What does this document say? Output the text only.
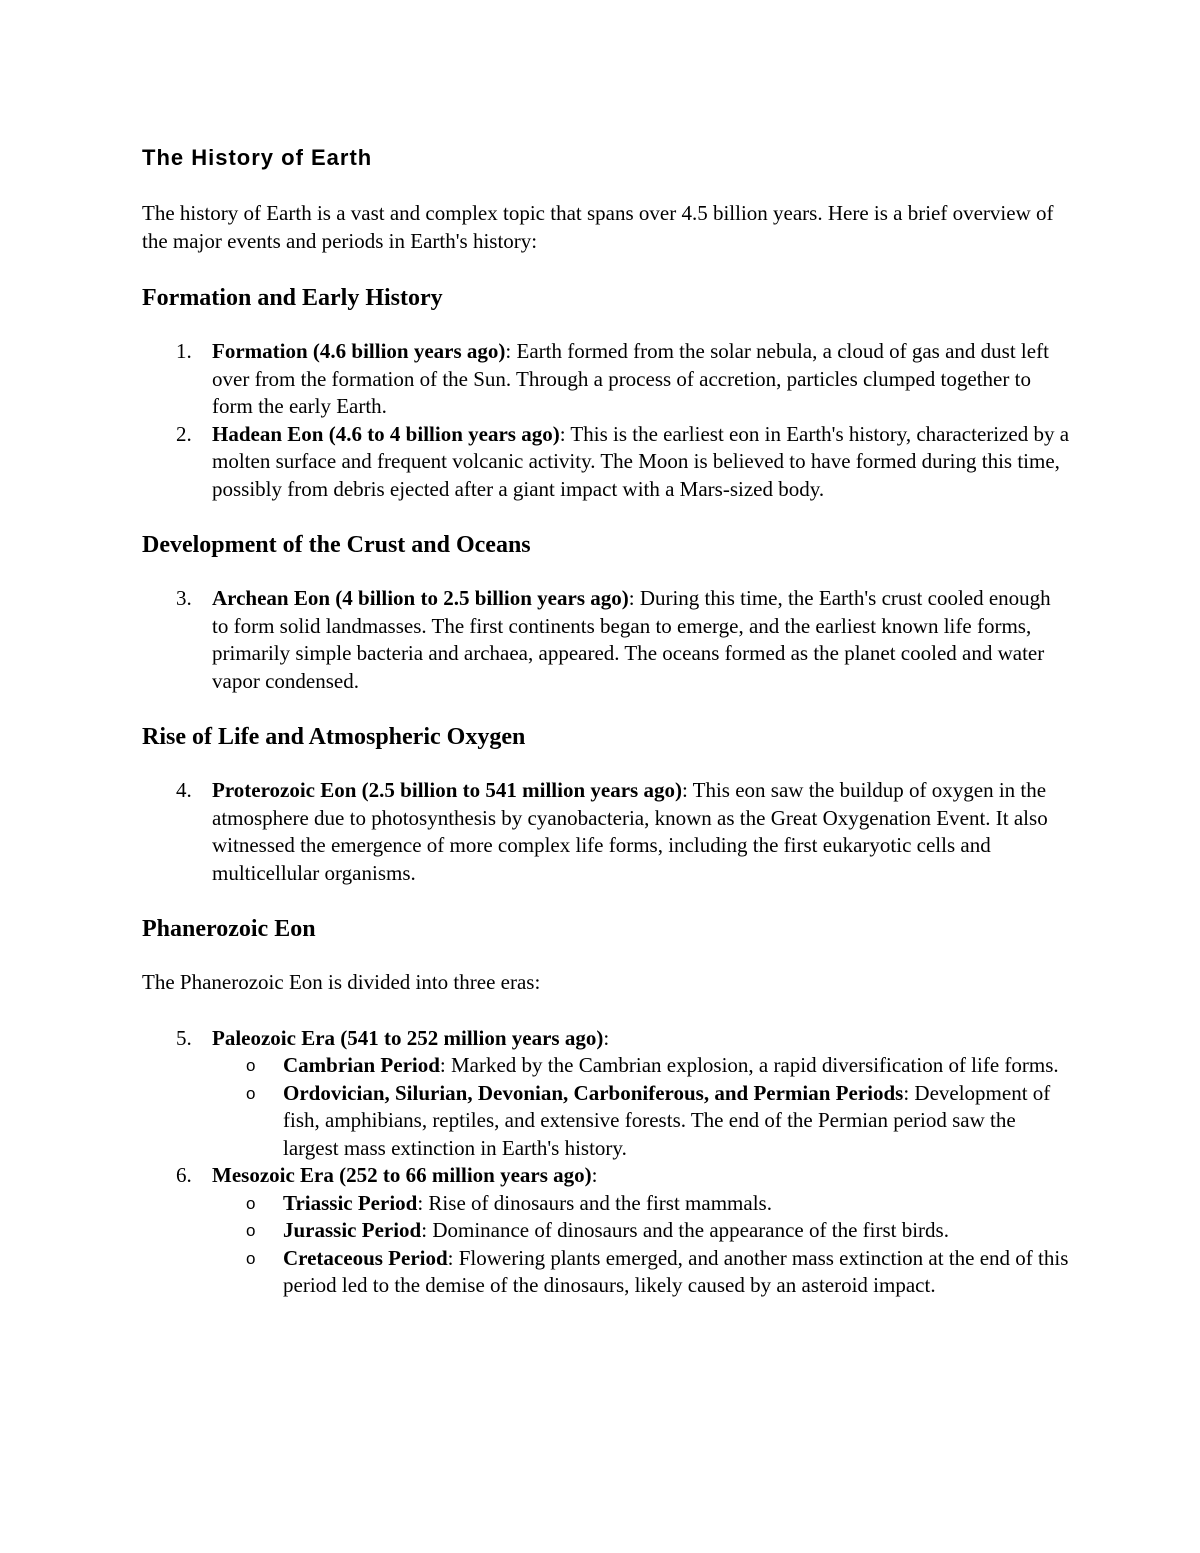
The History of Earth

The history of Earth is a vast and complex topic that spans over 4.5 billion years. Here is a brief overview of the major events and periods in Earth's history:

Formation and Early History
1. Formation (4.6 billion years ago): Earth formed from the solar nebula, a cloud of gas and dust left over from the formation of the Sun. Through a process of accretion, particles clumped together to form the early Earth.
2. Hadean Eon (4.6 to 4 billion years ago): This is the earliest eon in Earth's history, characterized by a molten surface and frequent volcanic activity. The Moon is believed to have formed during this time, possibly from debris ejected after a giant impact with a Mars-sized body.
Development of the Crust and Oceans
3. Archean Eon (4 billion to 2.5 billion years ago): During this time, the Earth's crust cooled enough to form solid landmasses. The first continents began to emerge, and the earliest known life forms, primarily simple bacteria and archaea, appeared. The oceans formed as the planet cooled and water vapor condensed.
Rise of Life and Atmospheric Oxygen
4. Proterozoic Eon (2.5 billion to 541 million years ago): This eon saw the buildup of oxygen in the atmosphere due to photosynthesis by cyanobacteria, known as the Great Oxygenation Event. It also witnessed the emergence of more complex life forms, including the first eukaryotic cells and multicellular organisms.
Phanerozoic Eon

The Phanerozoic Eon is divided into three eras:

5. Paleozoic Era (541 to 252 million years ago):
o Cambrian Period: Marked by the Cambrian explosion, a rapid diversification of life forms.
o Ordovician, Silurian, Devonian, Carboniferous, and Permian Periods: Development of fish, amphibians, reptiles, and extensive forests. The end of the Permian period saw the largest mass extinction in Earth's history.
6. Mesozoic Era (252 to 66 million years ago):
o Triassic Period: Rise of dinosaurs and the first mammals.
o Jurassic Period: Dominance of dinosaurs and the appearance of the first birds.
o Cretaceous Period: Flowering plants emerged, and another mass extinction at the end of this period led to the demise of the dinosaurs, likely caused by an asteroid impact.
